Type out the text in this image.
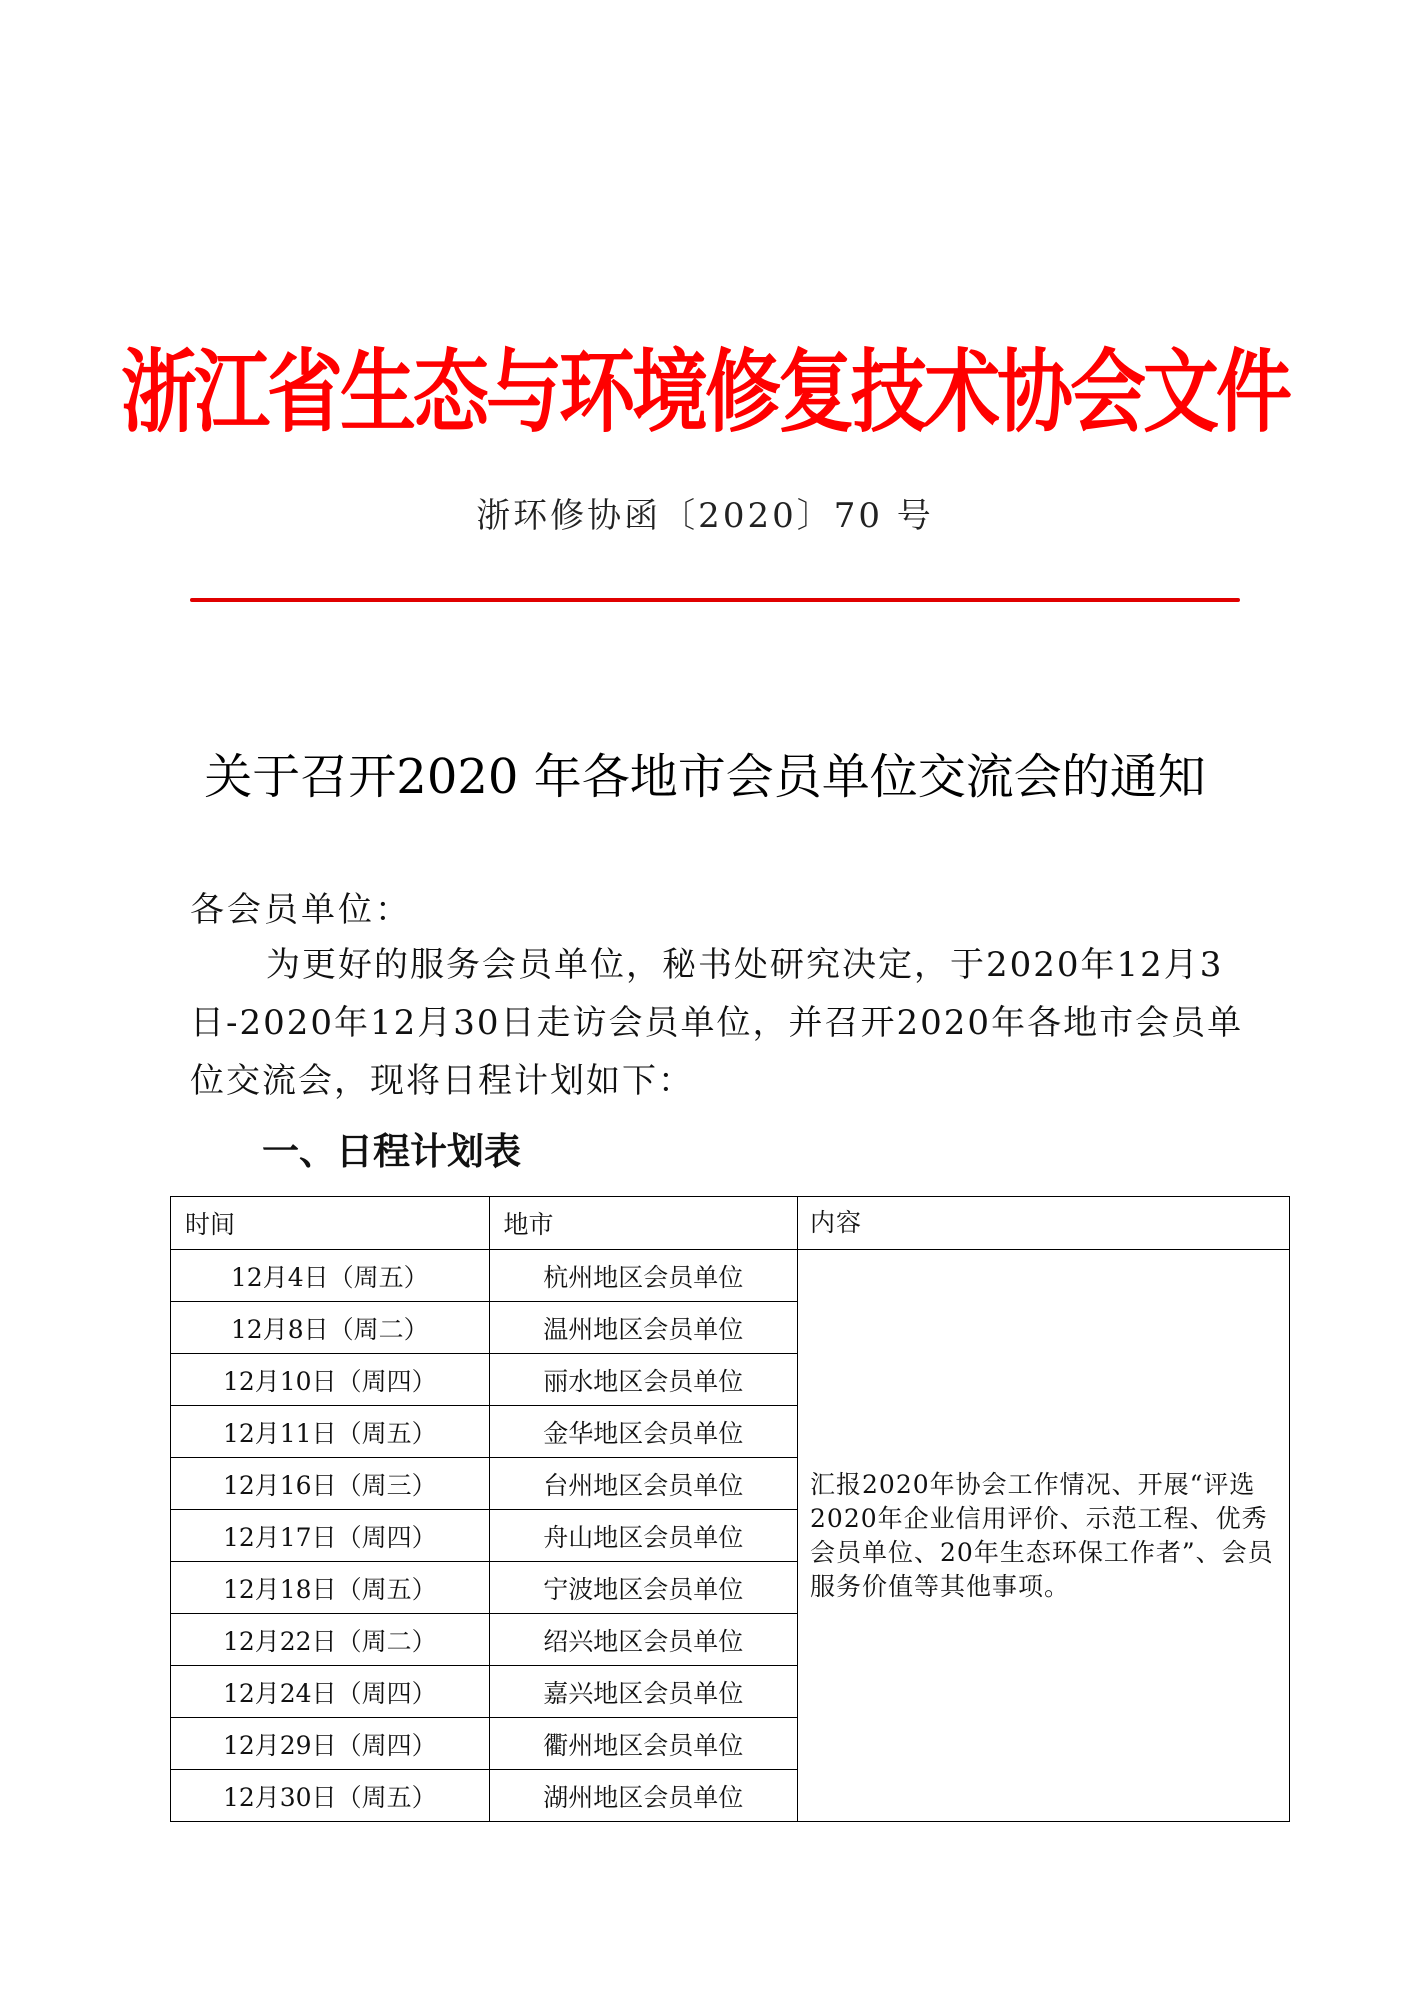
浙江省生态与环境修复技术协会文件
浙环修协函〔2020〕70 号
关于召开2020 年各地市会员单位交流会的通知
各会员单位：
为更好的服务会员单位，秘书处研究决定，于2020年12月3日-2020年12月30日走访会员单位，并召开2020年各地市会员单位交流会，现将日程计划如下：
一、日程计划表
时间	地市	内容
12月4日（周五）	杭州地区会员单位	汇报2020年协会工作情况、开展“评选2020年企业信用评价、示范工程、优秀会员单位、20年生态环保工作者”、会员服务价值等其他事项。
12月8日（周二）	温州地区会员单位	
12月10日（周四）	丽水地区会员单位	
12月11日（周五）	金华地区会员单位	
12月16日（周三）	台州地区会员单位	
12月17日（周四）	舟山地区会员单位	
12月18日（周五）	宁波地区会员单位	
12月22日（周二）	绍兴地区会员单位	
12月24日（周四）	嘉兴地区会员单位	
12月29日（周四）	衢州地区会员单位	
12月30日（周五）	湖州地区会员单位	
